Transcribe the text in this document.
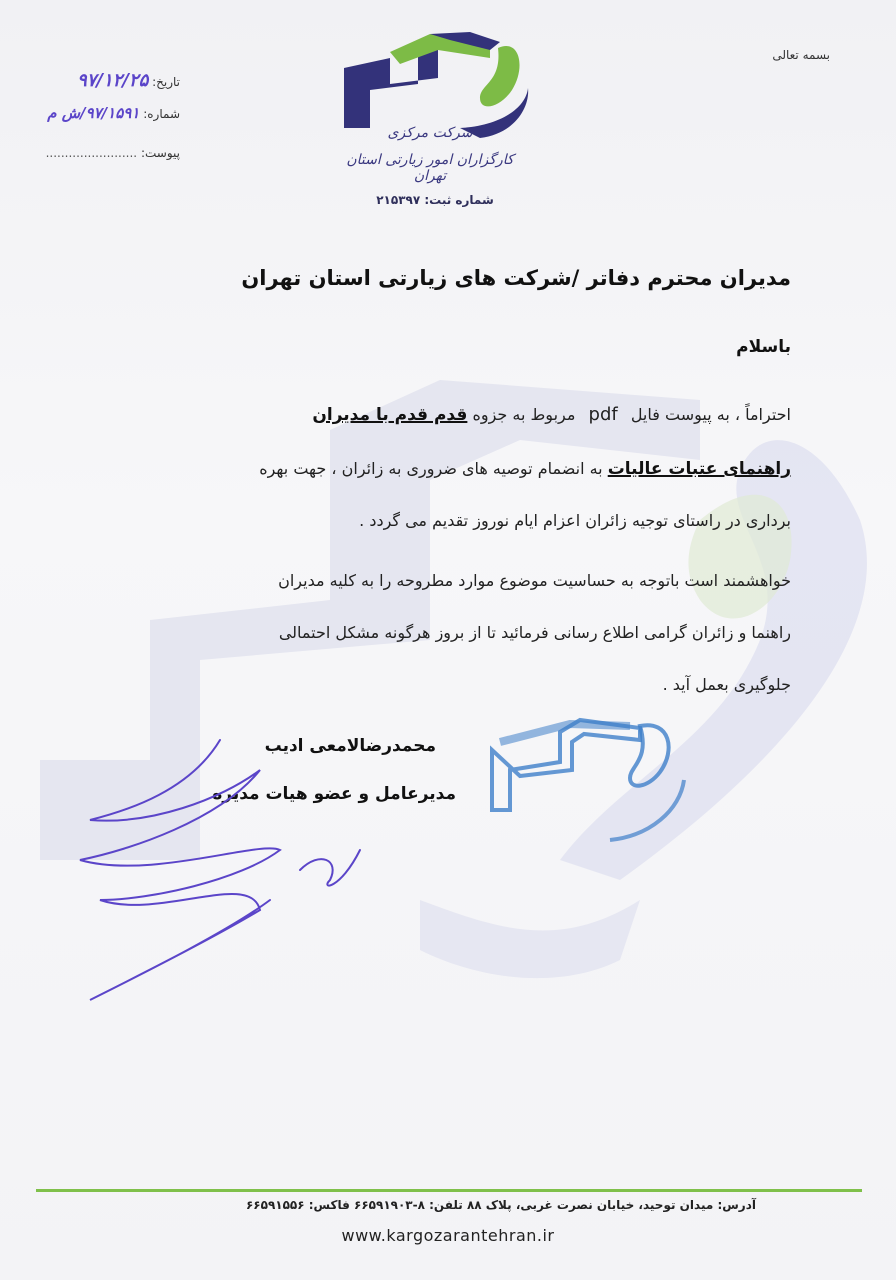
بسمه تعالی
تاریخ: ۹۷/۱۲/۲۵
شماره: ۹۷/۱۵۹۱/ش م
پیوست: ........................
شرکت مرکزی
کارگزاران امور زیارتی استان تهران
شماره ثبت: ۲۱۵۳۹۷
مدیران محترم دفاتر /شرکت های زیارتی استان تهران
باسلام
احتراماً ، به پیوست فایل pdf مربوط به جزوه قدم قدم با مدیران
راهنمای عتبات عالیات به انضمام توصیه های ضروری به زائران ، جهت بهره
برداری در راستای توجیه زائران اعزام ایام نوروز تقدیم می گردد .
خواهشمند است باتوجه به حساسیت موضوع موارد مطروحه را به کلیه مدیران
راهنما و زائران گرامی اطلاع رسانی فرمائید تا از بروز هرگونه مشکل احتمالی
جلوگیری بعمل آید .
محمدرضالامعی ادیب
مدیرعامل و عضو هیات مدیره
آدرس: میدان توحید، خیابان نصرت غربی، پلاک ۸۸ تلفن: ۸-۶۶۵۹۱۹۰۳ فاکس: ۶۶۵۹۱۵۵۶
www.kargozarantehran.ir
